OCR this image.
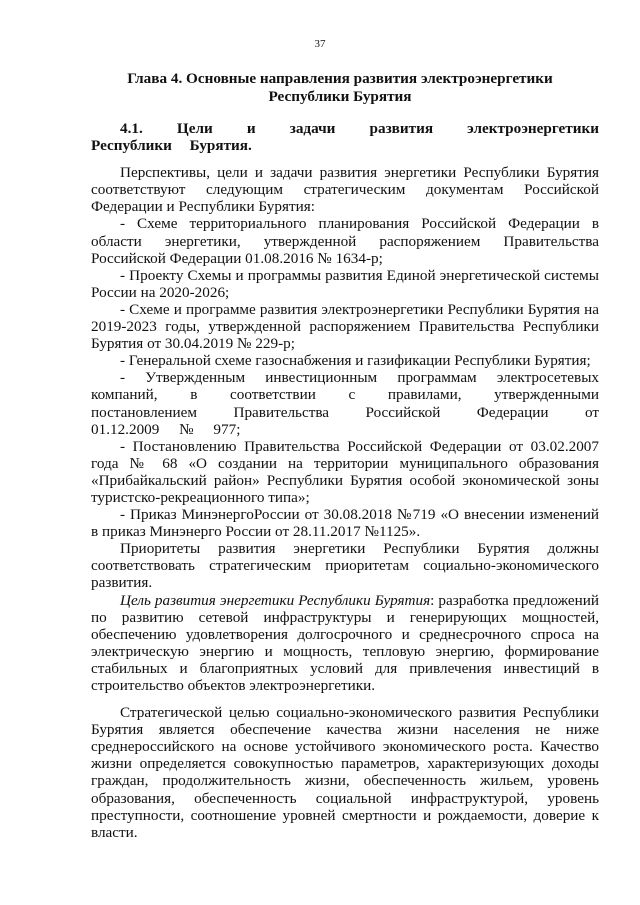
37
Глава 4. Основные направления развития электроэнергетики
Республики Бурятия

4.1. Цели и задачи развития электроэнергетики Республики Бурятия.

Перспективы, цели и задачи развития энергетики Республики Бурятия соответствуют следующим стратегическим документам Российской Федерации и Республики Бурятия:

- Схеме территориального планирования Российской Федерации в области энергетики, утвержденной распоряжением Правительства Российской Федерации 01.08.2016 № 1634-р;

- Проекту Схемы и программы развития Единой энергетической системы России на 2020-2026;

- Схеме и программе развития электроэнергетики Республики Бурятия на 2019-2023 годы, утвержденной распоряжением Правительства Республики Бурятия от 30.04.2019 № 229-р;

- Генеральной схеме газоснабжения и газификации Республики Бурятия;

- Утвержденным инвестиционным программам электросетевых компаний, в соответствии с правилами, утвержденными постановлением Правительства Российской Федерации от 01.12.2009 № 977;

- Постановлению Правительства Российской Федерации от 03.02.2007 года № 68 «О создании на территории муниципального образования «Прибайкальский район» Республики Бурятия особой экономической зоны туристско-рекреационного типа»;

- Приказ МинэнергоРоссии от 30.08.2018 №719 «О внесении изменений в приказ Минэнерго России от 28.11.2017 №1125».

Приоритеты развития энергетики Республики Бурятия должны соответствовать стратегическим приоритетам социально-экономического развития.

Цель развития энергетики Республики Бурятия: разработка предложений по развитию сетевой инфраструктуры и генерирующих мощностей, обеспечению удовлетворения долгосрочного и среднесрочного спроса на электрическую энергию и мощность, тепловую энергию, формирование стабильных и благоприятных условий для привлечения инвестиций в строительство объектов электроэнергетики.

Стратегической целью социально-экономического развития Республики Бурятия является обеспечение качества жизни населения не ниже среднероссийского на основе устойчивого экономического роста. Качество жизни определяется совокупностью параметров, характеризующих доходы граждан, продолжительность жизни, обеспеченность жильем, уровень образования, обеспеченность социальной инфраструктурой, уровень преступности, соотношение уровней смертности и рождаемости, доверие к власти.
